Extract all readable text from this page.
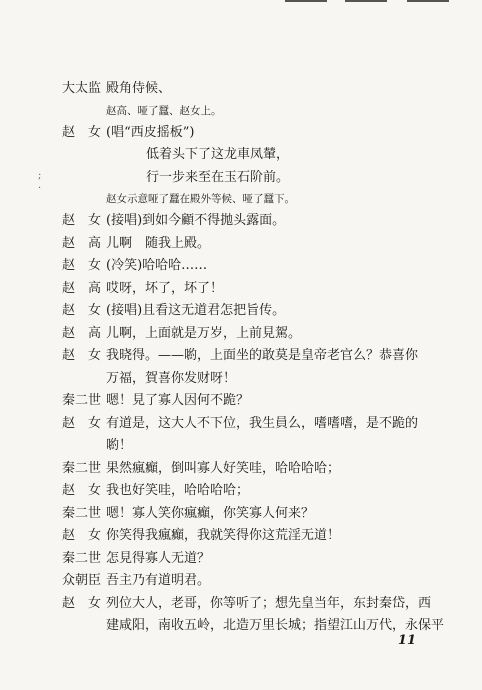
;
·
大太监 殿角侍候、
赵高、哑了蠶、赵女上。
赵　女 (唱“西皮摇板”)
低着头下了这龙車凤輦，
行一步来至在玉石阶前。
赵女示意哑了蠶在殿外等候、哑了蠶下。
赵　女 (接唱)到如今顧不得拋头露面。
赵　高 儿啊　随我上殿。
赵　女 (冷笑)哈哈哈……
赵　高 哎呀，坏了，坏了！
赵　女 (接唱)且看这无道君怎把旨传。
赵　高 儿啊，上面就是万岁，上前見駕。
赵　女 我晓得。——喲，上面坐的敢莫是皇帝老官么？恭喜你
万福，賀喜你发财呀！
秦二世 嗯！見了寡人因何不跪？
赵　女 有道是，这大人不下位，我生員么，嗜嗜嗜，是不跪的
喲！
秦二世 果然瘋癲，倒叫寡人好笑哇，哈哈哈哈；
赵　女 我也好笑哇，哈哈哈哈；
秦二世 嗯！寡人笑你瘋癲，你笑寡人何来？
赵　女 你笑得我瘋癲，我就笑得你这荒淫无道！
秦二世 怎見得寡人无道？
众朝臣 吾主乃有道明君。
赵　女 列位大人，老哥，你等听了；想先皇当年，东封秦岱，西
建咸阳，南收五岭，北造万里长城；指望江山万代，永保平
11
